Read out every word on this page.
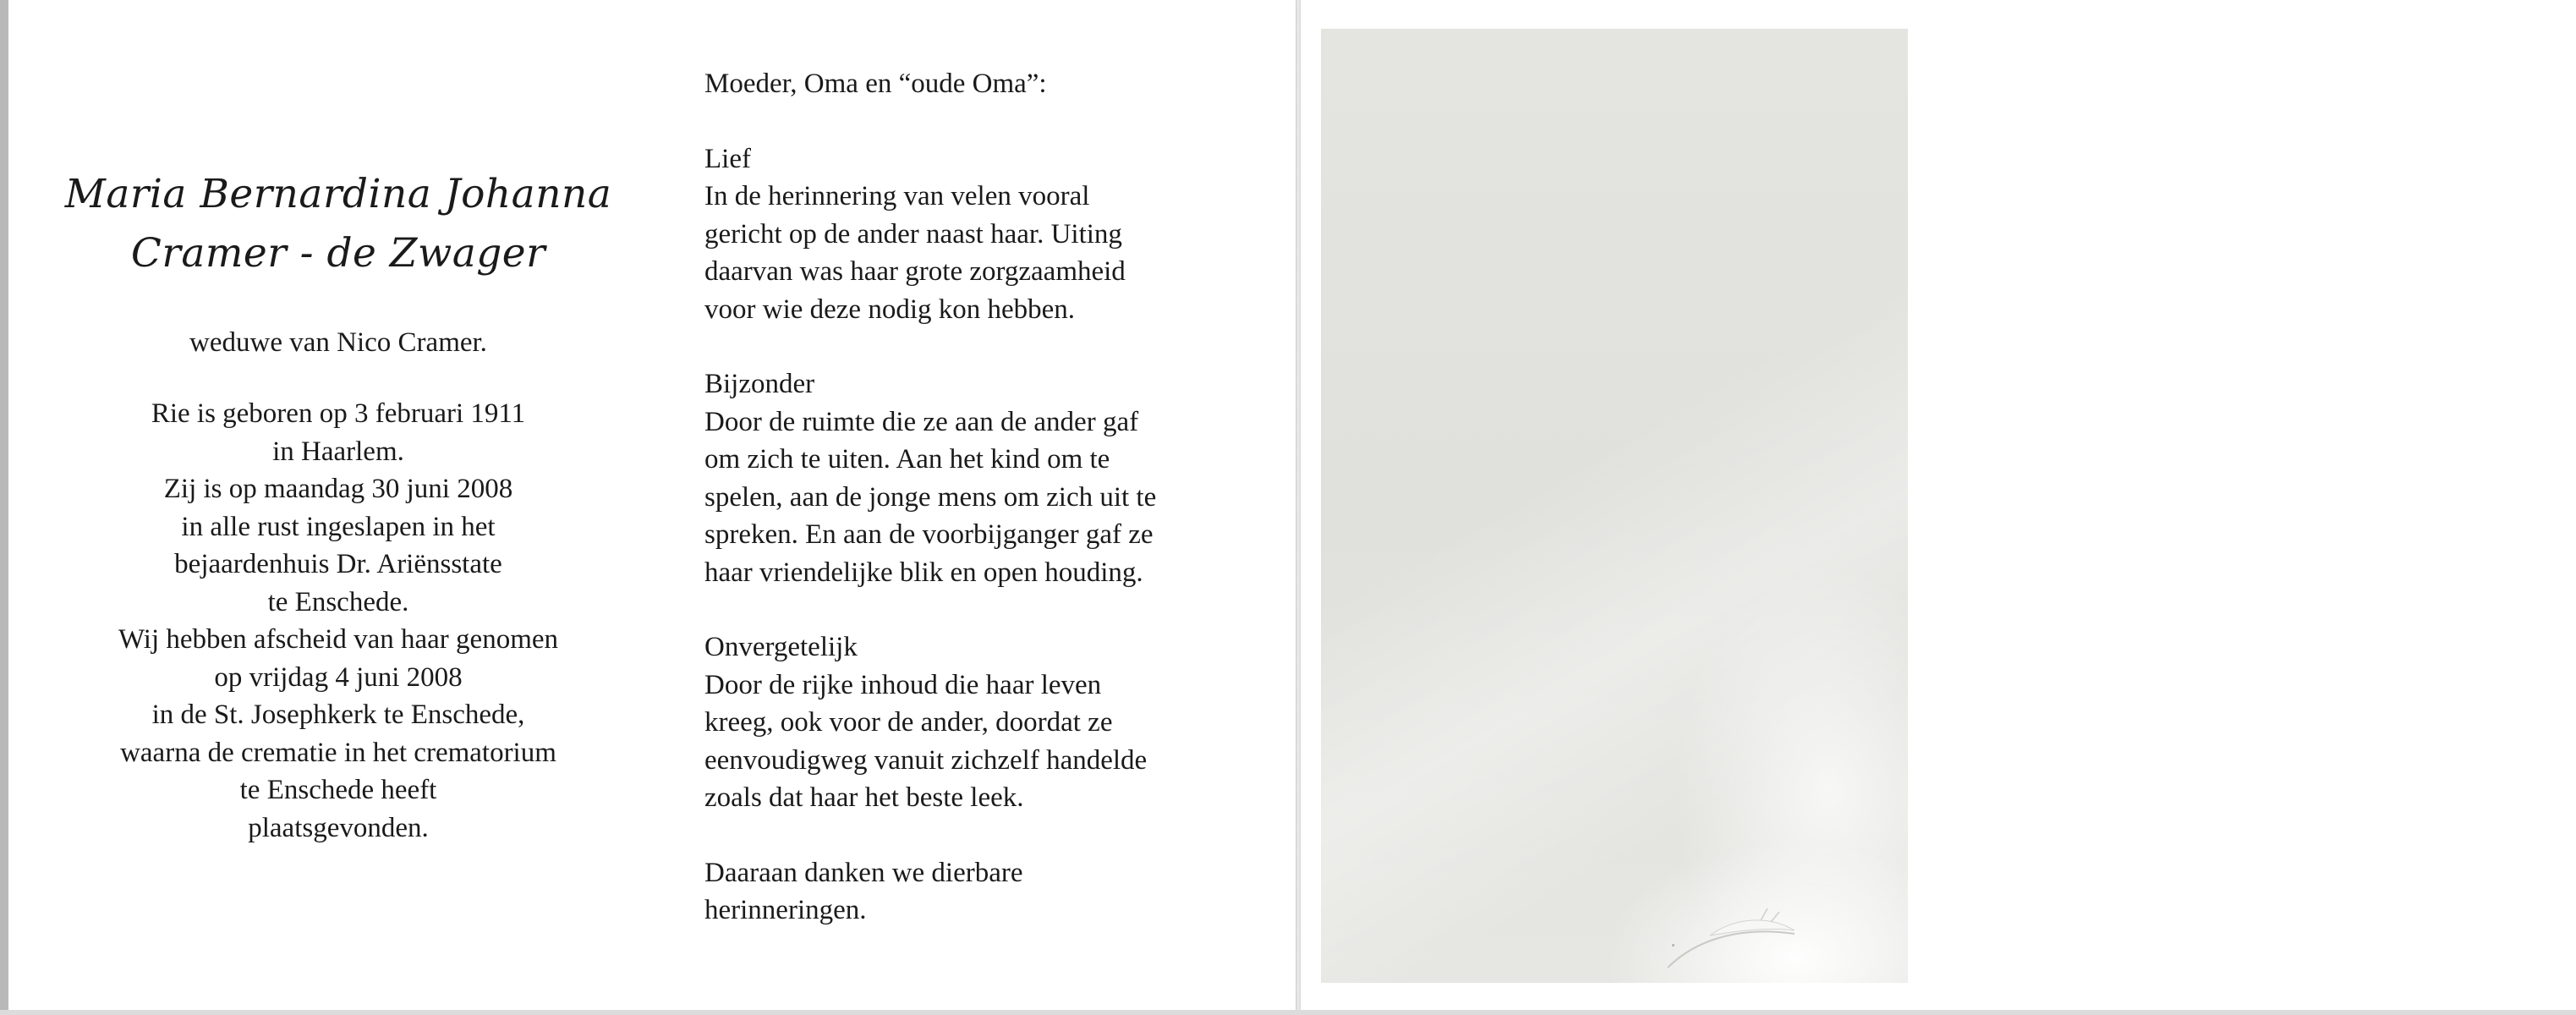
Maria Bernardina Johanna
Cramer - de Zwager
weduwe van Nico Cramer.
Rie is geboren op 3 februari 1911
in Haarlem.
Zij is op maandag 30 juni 2008
in alle rust ingeslapen in het
bejaardenhuis Dr. Ariënsstate
te Enschede.
Wij hebben afscheid van haar genomen
op vrijdag 4 juni 2008
in de St. Josephkerk te Enschede,
waarna de crematie in het crematorium
te Enschede heeft
plaatsgevonden.
Moeder, Oma en “oude Oma”:
Lief
In de herinnering van velen vooral
gericht op de ander naast haar. Uiting
daarvan was haar grote zorgzaamheid
voor wie deze nodig kon hebben.
Bijzonder
Door de ruimte die ze aan de ander gaf
om zich te uiten. Aan het kind om te
spelen, aan de jonge mens om zich uit te
spreken. En aan de voorbijganger gaf ze
haar vriendelijke blik en open houding.
Onvergetelijk
Door de rijke inhoud die haar leven
kreeg, ook voor de ander, doordat ze
eenvoudigweg vanuit zichzelf handelde
zoals dat haar het beste leek.
Daaraan danken we dierbare
herinneringen.
